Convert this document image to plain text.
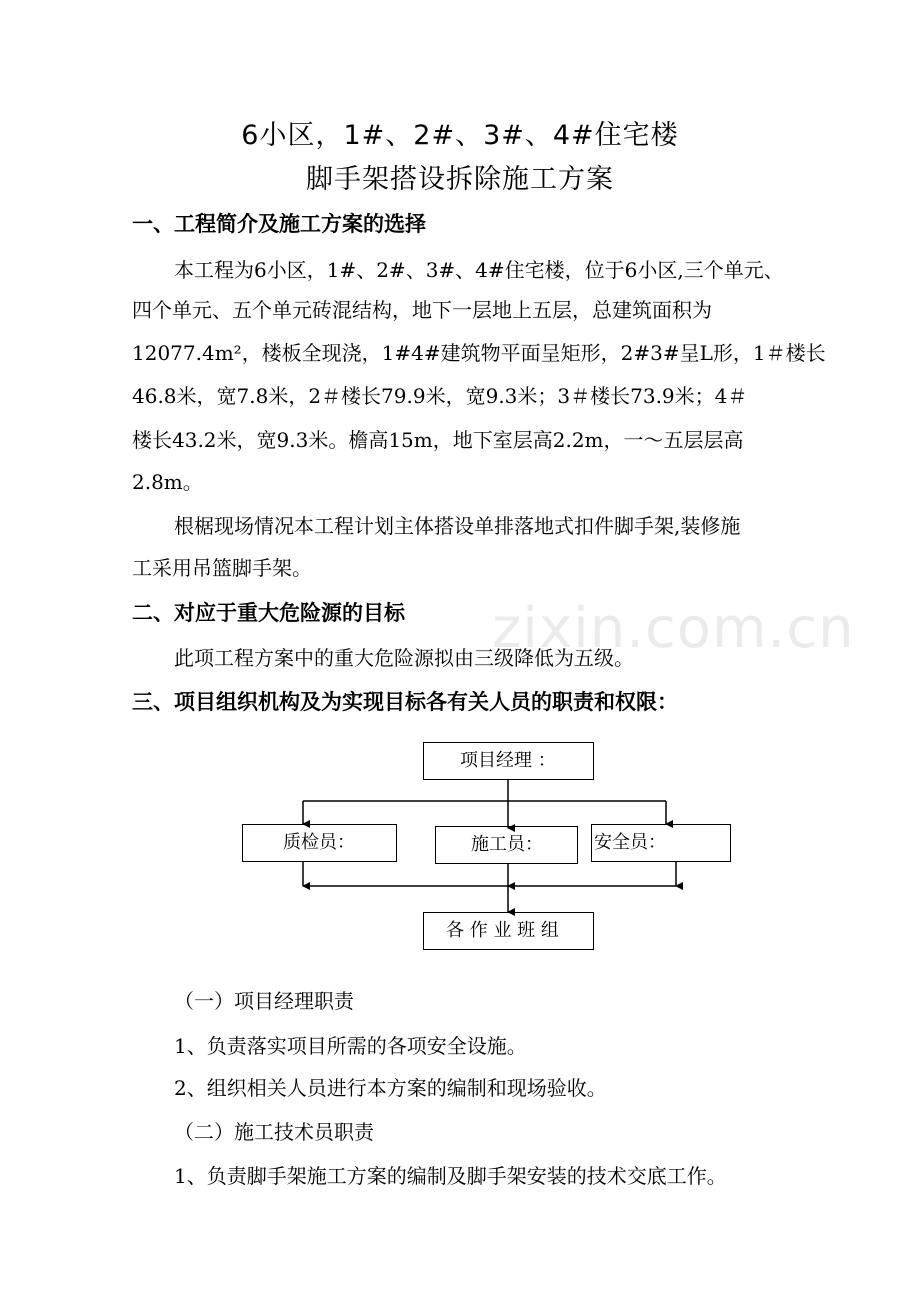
6小区，1#、2#、3#、4#住宅楼
脚手架搭设拆除施工方案
一、工程简介及施工方案的选择
本工程为6小区，1#、2#、3#、4#住宅楼，位于6小区,三个单元、
四个单元、五个单元砖混结构，地下一层地上五层，总建筑面积为
12077.4m²，楼板全现浇，1#4#建筑物平面呈矩形，2#3#呈L形，1＃楼长
46.8米，宽7.8米，2＃楼长79.9米，宽9.3米；3＃楼长73.9米；4＃
楼长43.2米，宽9.3米。檐高15m，地下室层高2.2m，一～五层层高
2.8m。
根椐现场情况本工程计划主体搭设单排落地式扣件脚手架,装修施
工采用吊篮脚手架。
二、对应于重大危险源的目标	zixin.com.cn
此项工程方案中的重大危险源拟由三级降低为五级。
三、项目组织机构及为实现目标各有关人员的职责和权限：
项目经理 ：
质检员：	施工员：	安全员：
各 作 业 班 组
（一）项目经理职责
1、负责落实项目所需的各项安全设施。
2、组织相关人员进行本方案的编制和现场验收。
（二）施工技术员职责
1、负责脚手架施工方案的编制及脚手架安装的技术交底工作。
